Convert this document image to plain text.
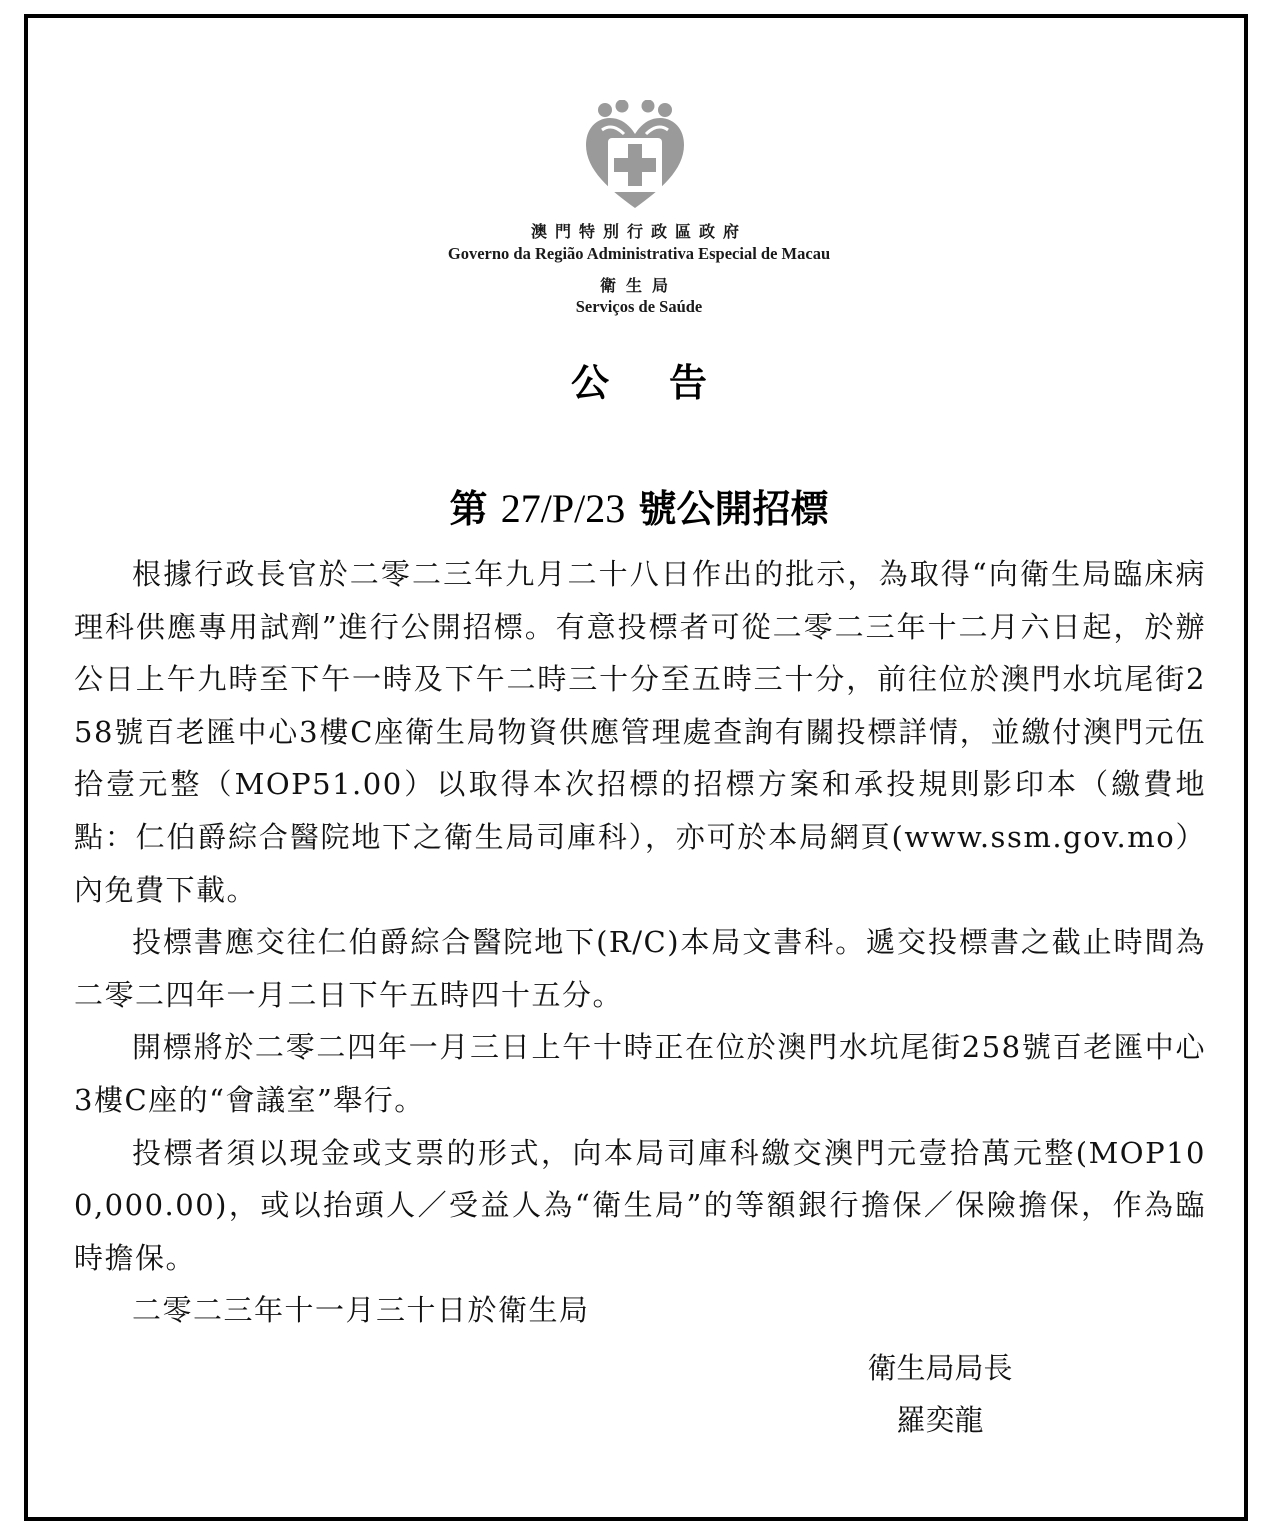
澳門特別行政區政府

Governo da Região Administrativa Especial de Macau

衛生局

Serviços de Saúde

公告
第 27/P/23 號公開招標

根據行政長官於二零二三年九月二十八日作出的批示，為取得“向衛生局臨床病理科供應專用試劑”進行公開招標。有意投標者可從二零二三年十二月六日起，於辦公日上午九時至下午一時及下午二時三十分至五時三十分，前往位於澳門水坑尾街258號百老匯中心3樓C座衛生局物資供應管理處查詢有關投標詳情，並繳付澳門元伍拾壹元整（MOP51.00）以取得本次招標的招標方案和承投規則影印本（繳費地點：仁伯爵綜合醫院地下之衛生局司庫科），亦可於本局網頁(www.ssm.gov.mo）內免費下載。

投標書應交往仁伯爵綜合醫院地下(R/C)本局文書科。遞交投標書之截止時間為二零二四年一月二日下午五時四十五分。

開標將於二零二四年一月三日上午十時正在位於澳門水坑尾街258號百老匯中心3樓C座的“會議室”舉行。

投標者須以現金或支票的形式，向本局司庫科繳交澳門元壹拾萬元整(MOP100,000.00)，或以抬頭人／受益人為“衛生局”的等額銀行擔保／保險擔保，作為臨時擔保。

二零二三年十一月三十日於衛生局

衛生局局長

羅奕龍
